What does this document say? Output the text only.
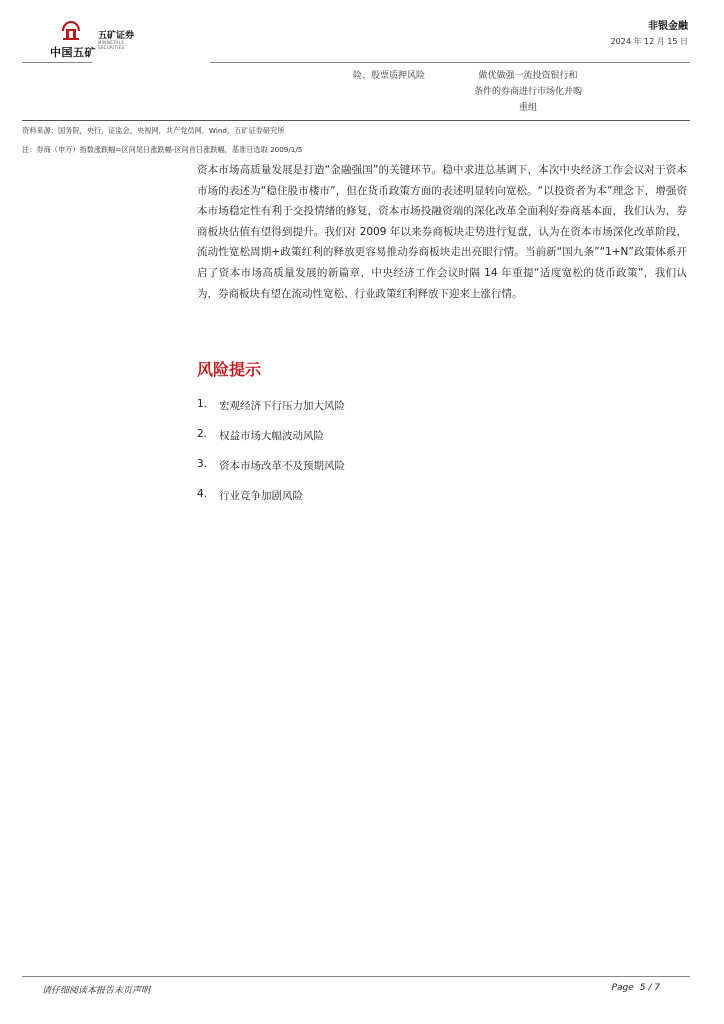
中国五矿
五矿证券
MINMETALS SECURITIES
非银金融
2024 年 12 月 15 日
险、股票质押风险	做优做强一流投资银行和
条件的券商进行市场化并购
重组
资料来源：国务院，央行，证监会，央视网，共产党员网，Wind，五矿证券研究所
注：券商（申万）指数涨跌幅=区间尾日涨跌幅-区间首日涨跌幅，基准日选取 2009/1/5

资本市场高质量发展是打造“金融强国”的关键环节。稳中求进总基调下，本次中央经济工作会议对于资本市场的表述为“稳住股市楼市”，但在货币政策方面的表述明显转向宽松。“以投资者为本”理念下，增强资本市场稳定性有利于交投情绪的修复，资本市场投融资端的深化改革全面利好券商基本面，我们认为，券商板块估值有望得到提升。我们对 2009 年以来券商板块走势进行复盘，认为在资本市场深化改革阶段，流动性宽松周期+政策红利的释放更容易推动券商板块走出亮眼行情。当前新“国九条”“1+N”政策体系开启了资本市场高质量发展的新篇章，中央经济工作会议时隔 14 年重提“适度宽松的货币政策”，我们认为，券商板块有望在流动性宽松、行业政策红利释放下迎来上涨行情。

风险提示
1.	宏观经济下行压力加大风险
2.	权益市场大幅波动风险
3.	资本市场改革不及预期风险
4.	行业竞争加剧风险
请仔细阅读本报告末页声明	Page 5 / 7
